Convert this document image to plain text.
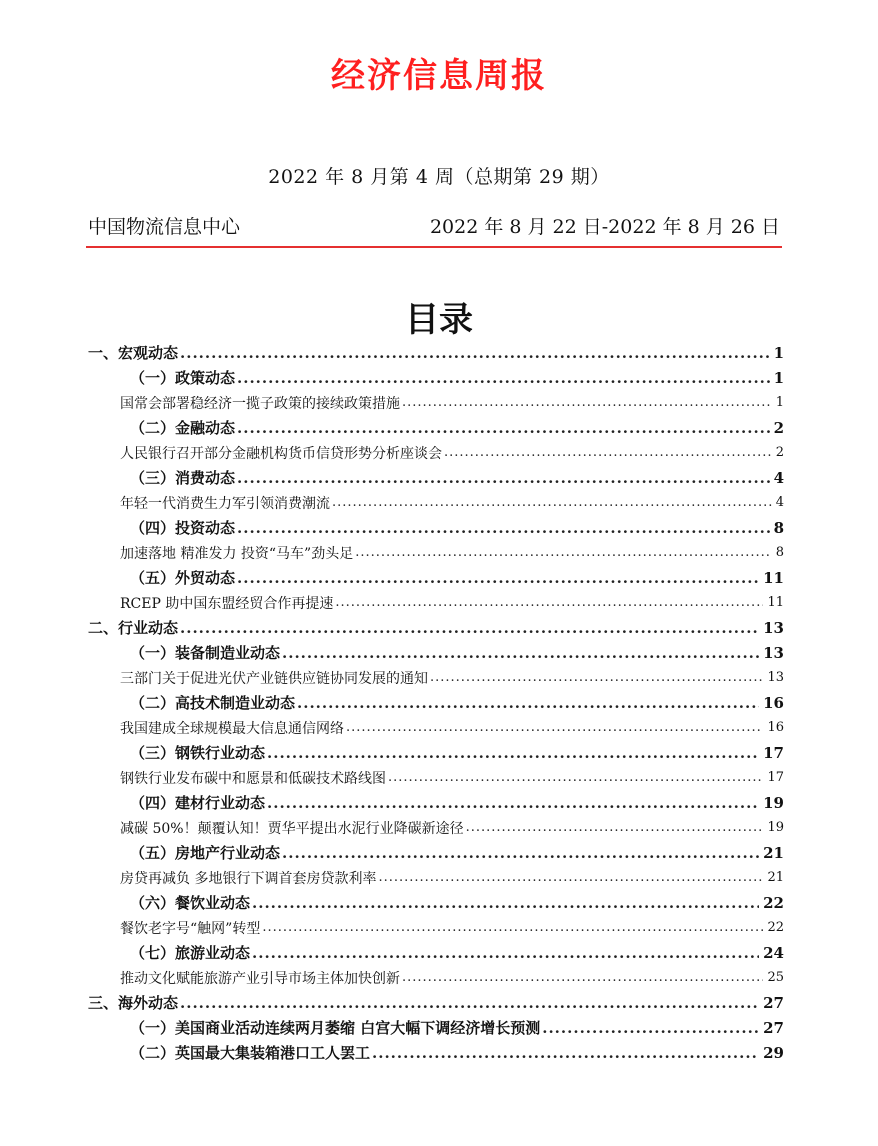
经济信息周报
2022 年 8 月第 4 周（总期第 29 期）
中国物流信息中心	2022 年 8 月 22 日-2022 年 8 月 26 日
目录
一、宏观动态 .....	1
（一）政策动态 .....	1
国常会部署稳经济一揽子政策的接续政策措施 .....	1
（二）金融动态 .....	2
人民银行召开部分金融机构货币信贷形势分析座谈会 .....	2
（三）消费动态 .....	4
年轻一代消费生力军引领消费潮流 .....	4
（四）投资动态 .....	8
加速落地 精准发力 投资“马车”劲头足 .....	8
（五）外贸动态 .....	11
RCEP 助中国东盟经贸合作再提速 .....	11
二、行业动态 .....	13
（一）装备制造业动态 .....	13
三部门关于促进光伏产业链供应链协同发展的通知 .....	13
（二）高技术制造业动态 .....	16
我国建成全球规模最大信息通信网络 .....	16
（三）钢铁行业动态 .....	17
钢铁行业发布碳中和愿景和低碳技术路线图 .....	17
（四）建材行业动态 .....	19
减碳 50%！颠覆认知！贾华平提出水泥行业降碳新途径 .....	19
（五）房地产行业动态 .....	21
房贷再减负 多地银行下调首套房贷款利率 .....	21
（六）餐饮业动态 .....	22
餐饮老字号“触网”转型 .....	22
（七）旅游业动态 .....	24
推动文化赋能旅游产业引导市场主体加快创新 .....	25
三、海外动态 .....	27
（一）美国商业活动连续两月萎缩 白宫大幅下调经济增长预测 .....	27
（二）英国最大集装箱港口工人罢工 .....	29
